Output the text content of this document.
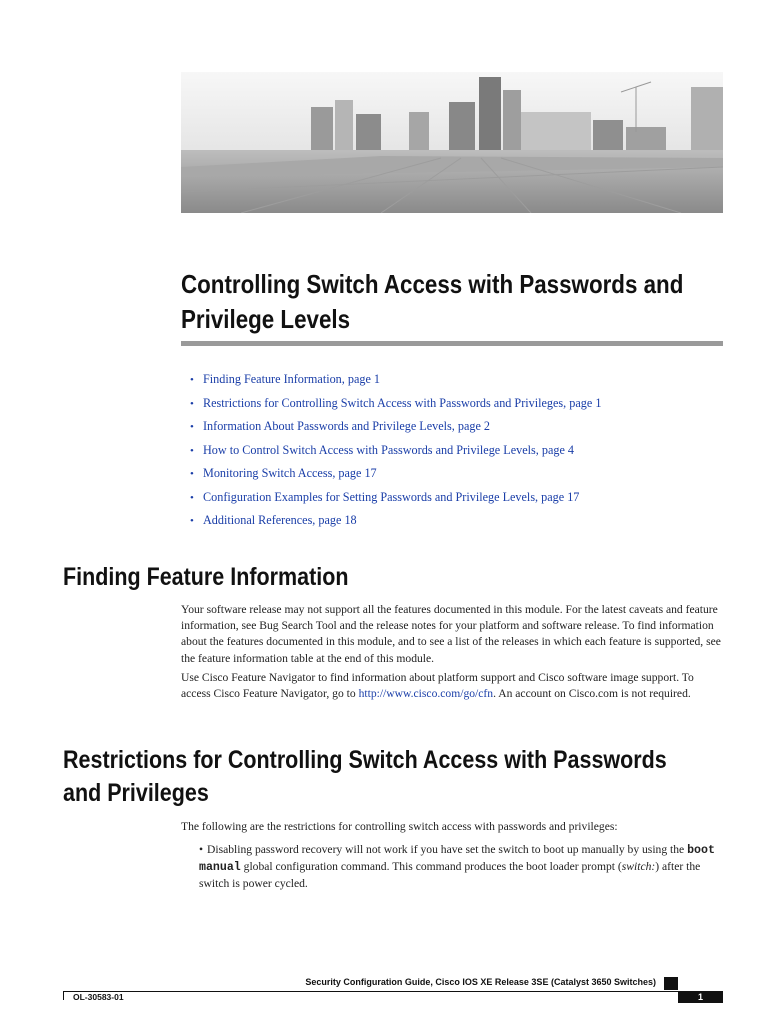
Controlling Switch Access with Passwords and
Privilege Levels
• Finding Feature Information, page 1
• Restrictions for Controlling Switch Access with Passwords and Privileges, page 1
• Information About Passwords and Privilege Levels, page 2
• How to Control Switch Access with Passwords and Privilege Levels, page 4
• Monitoring Switch Access, page 17
• Configuration Examples for Setting Passwords and Privilege Levels, page 17
• Additional References, page 18
Finding Feature Information

Your software release may not support all the features documented in this module. For the latest caveats and feature information, see Bug Search Tool and the release notes for your platform and software release. To find information about the features documented in this module, and to see a list of the releases in which each feature is supported, see the feature information table at the end of this module.

Use Cisco Feature Navigator to find information about platform support and Cisco software image support. To access Cisco Feature Navigator, go to http://www.cisco.com/go/cfn. An account on Cisco.com is not required.

Restrictions for Controlling Switch Access with Passwords
and Privileges

The following are the restrictions for controlling switch access with passwords and privileges:

• Disabling password recovery will not work if you have set the switch to boot up manually by using the boot manual global configuration command. This command produces the boot loader prompt (switch:) after the switch is power cycled.

Security Configuration Guide, Cisco IOS XE Release 3SE (Catalyst 3650 Switches)
OL-30583-01	1
